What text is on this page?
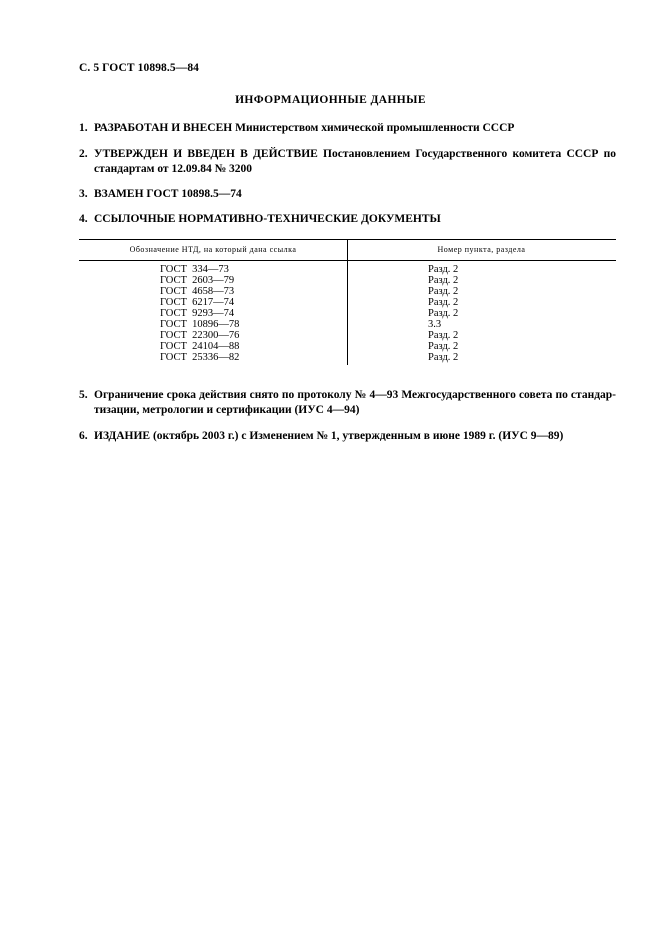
С. 5 ГОСТ 10898.5—84
ИНФОРМАЦИОННЫЕ ДАННЫЕ
1. РАЗРАБОТАН И ВНЕСЕН Министерством химической промышленности СССР
2. УТВЕРЖДЕН И ВВЕДЕН В ДЕЙСТВИЕ Постановлением Государственного комитета СССР по
стандартам от 12.09.84 № 3200
3. ВЗАМЕН ГОСТ 10898.5—74
4. ССЫЛОЧНЫЕ НОРМАТИВНО-ТЕХНИЧЕСКИЕ ДОКУМЕНТЫ
Обозначение НТД, на который дана ссылка	Номер пункта, раздела
ГОСТ  334—73
ГОСТ  2603—79
ГОСТ  4658—73
ГОСТ  6217—74
ГОСТ  9293—74
ГОСТ  10896—78
ГОСТ  22300—76
ГОСТ  24104—88
ГОСТ  25336—82
Разд. 2
Разд. 2
Разд. 2
Разд. 2
Разд. 2
3.3
Разд. 2
Разд. 2
Разд. 2
5. Ограничение срока действия снято по протоколу № 4—93 Межгосударственного совета по стандар-
тизации, метрологии и сертификации (ИУС 4—94)
6. ИЗДАНИЕ (октябрь 2003 г.) с Изменением № 1, утвержденным в июне 1989 г. (ИУС 9—89)
